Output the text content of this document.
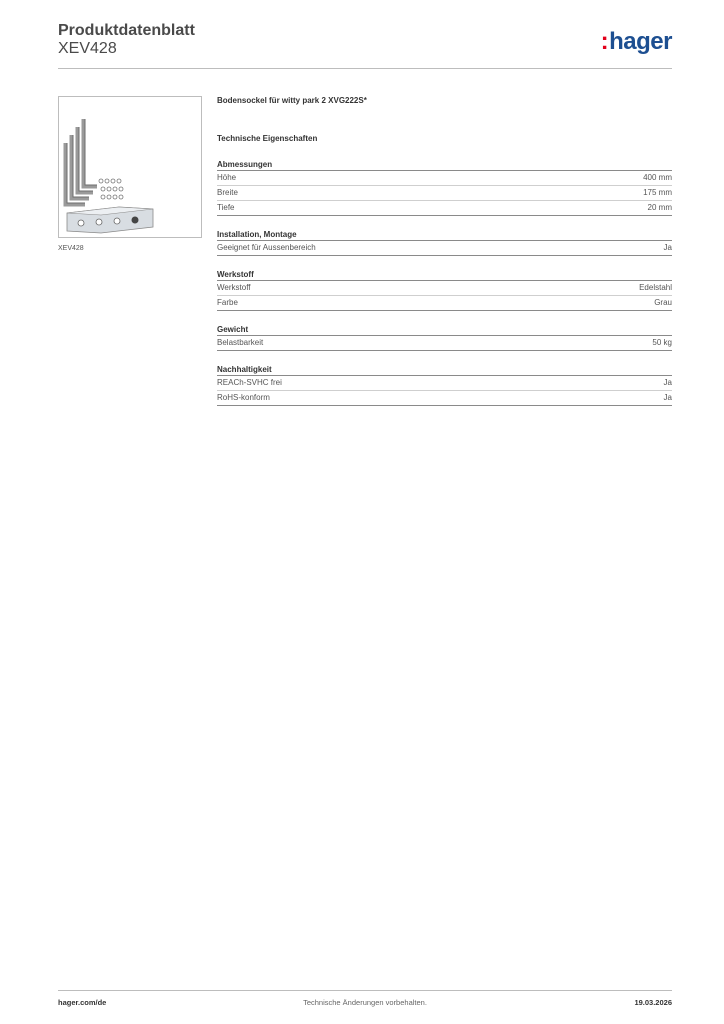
Produktdatenblatt
XEV428	:hager
XEV428
Bodensockel für witty park 2 XVG222S*
Technische Eigenschaften
Abmessungen
Höhe	400 mm
Breite	175 mm
Tiefe	20 mm
Installation, Montage
Geeignet für Aussenbereich	Ja
Werkstoff
Werkstoff	Edelstahl
Farbe	Grau
Gewicht
Belastbarkeit	50 kg
Nachhaltigkeit
REACh-SVHC frei	Ja
RoHS-konform	Ja
hager.com/de	Technische Änderungen vorbehalten.	19.03.2026
